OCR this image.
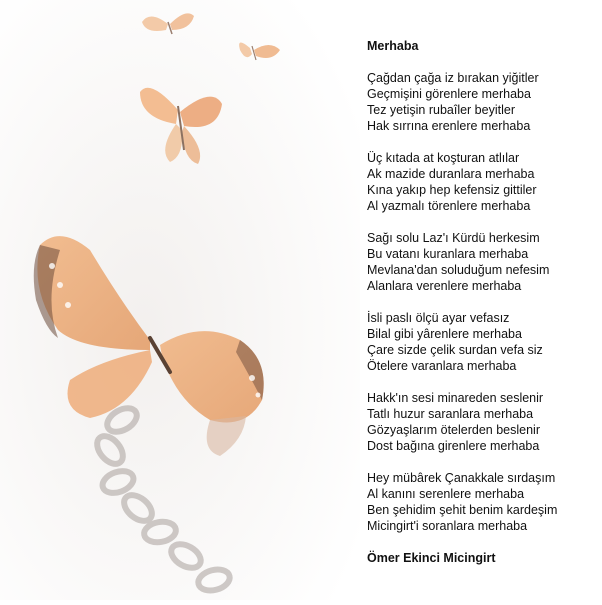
Merhaba
Çağdan çağa iz bırakan yiğitler
Geçmişini görenlere merhaba
Tez yetişin rubaîler beyitler
Hak sırrına erenlere merhaba
Üç kıtada at koşturan atlılar
Ak mazide duranlara merhaba
Kına yakıp hep kefensiz gittiler
Al yazmalı törenlere merhaba
Sağı solu Laz'ı Kürdü herkesim
Bu vatanı kuranlara merhaba
Mevlana'dan soluduğum nefesim
Alanlara verenlere merhaba
İsli paslı ölçü ayar vefasız
Bilal gibi yârenlere merhaba
Çare sizde çelik surdan vefa siz
Ötelere varanlara merhaba
Hakk'ın sesi minareden seslenir
Tatlı huzur saranlara merhaba
Gözyaşlarım ötelerden beslenir
Dost bağına girenlere merhaba
Hey mübârek Çanakkale sırdaşım
Al kanını serenlere merhaba
Ben şehidim şehit benim kardeşim
Micingirt'i soranlara merhaba
Ömer Ekinci Micingirt
